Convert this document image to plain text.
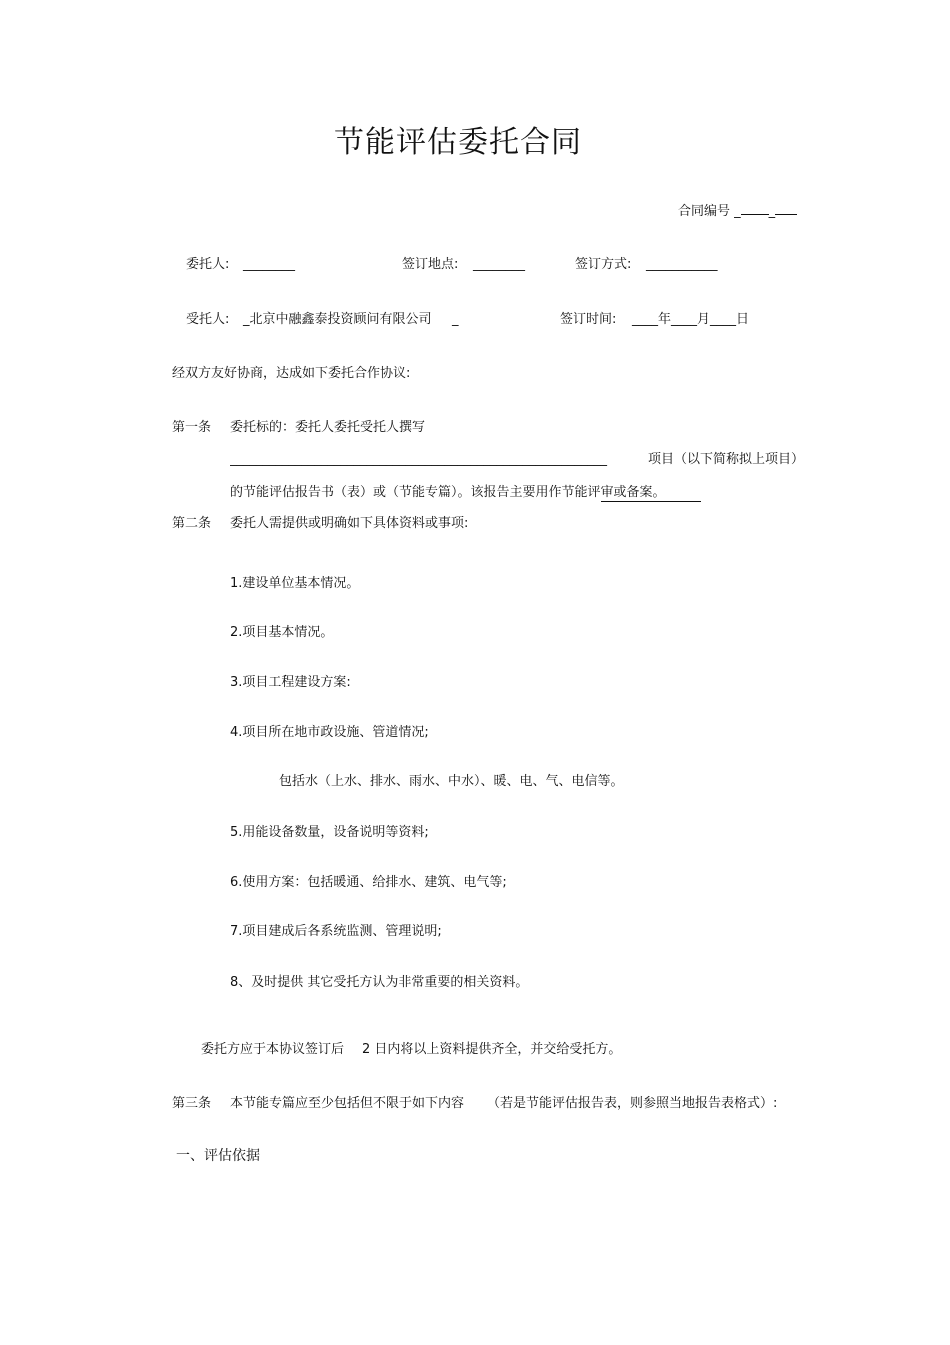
节能评估委托合同
合同编号 _ _
委托人: ________	签订地点: ________	签订方式: ___________
受托人: _北京中融鑫泰投资顾问有限公司 _	签订时间: ____年____月____日
经双方友好协商，达成如下委托合作协议:
第一条 委托标的：委托人委托受托人撰写
__________________________________________________________	项目（以下简称拟上项目）
的节能评估报告书（表）或（节能专篇）。该报告主要用作节能评审或备案。
第二条 委托人需提供或明确如下具体资料或事项:
1.建设单位基本情况。
2.项目基本情况。
3.项目工程建设方案:
4.项目所在地市政设施、管道情况;
包括水（上水、排水、雨水、中水）、暖、电、气、电信等。
5.用能设备数量，设备说明等资料;
6.使用方案：包括暖通、给排水、建筑、电气等;
7.项目建成后各系统监测、管理说明;
8、及时提供 其它受托方认为非常重要的相关资料。
委托方应于本协议签订后 2 日内将以上资料提供齐全，并交给受托方。
第三条 本节能专篇应至少包括但不限于如下内容 （若是节能评估报告表，则参照当地报告表格式）:
一、评估依据
